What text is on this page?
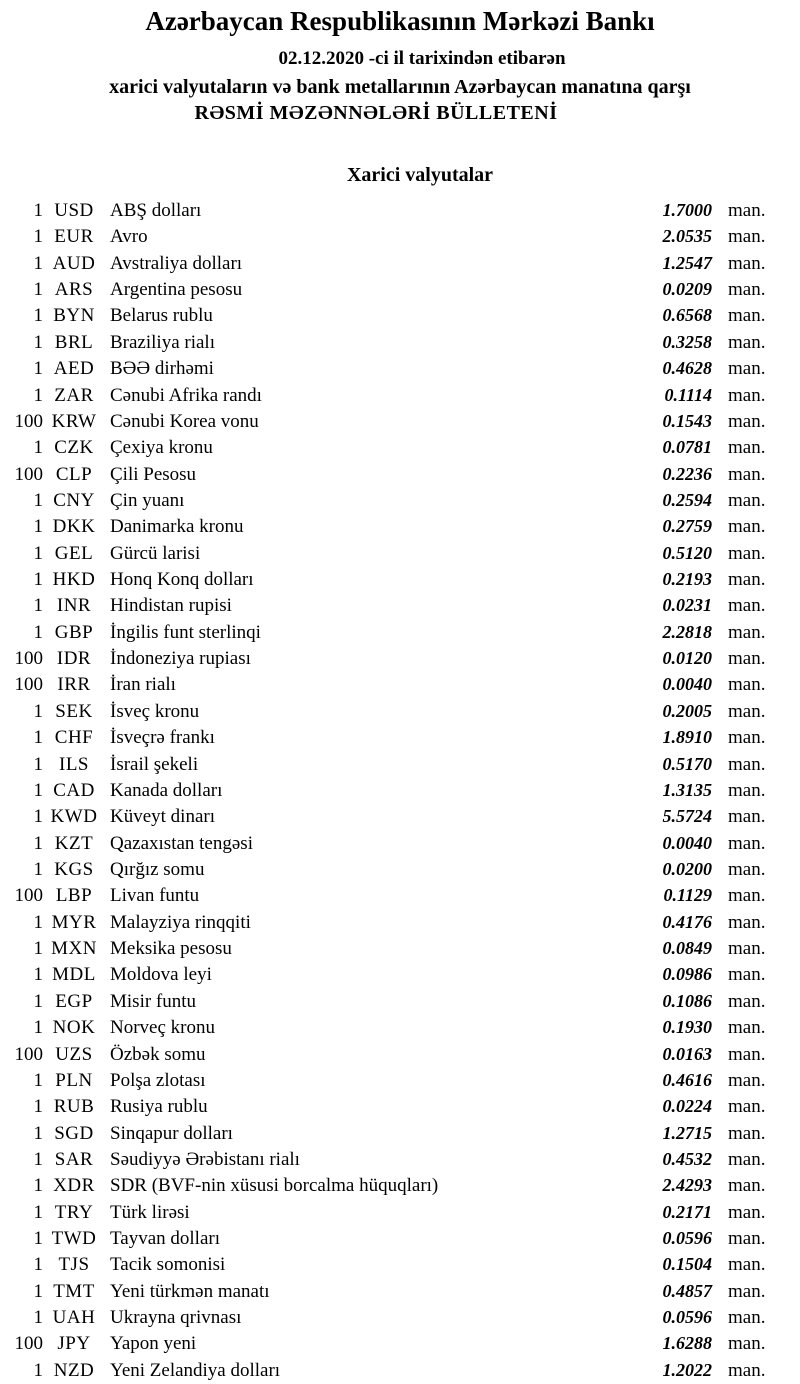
Azərbaycan Respublikasının Mərkəzi Bankı
02.12.2020 -ci il tarixindən etibarən
xarici valyutaların və bank metallarının Azərbaycan manatına qarşı
RƏSMİ MƏZƏNNƏLƏRİ BÜLLETENİ
Xarici valyutalar
1 USD ABŞ dolları	1.7000 man.
1 EUR Avro	2.0535 man.
1 AUD Avstraliya dolları	1.2547 man.
1 ARS Argentina pesosu	0.0209 man.
1 BYN Belarus rublu	0.6568 man.
1 BRL Braziliya rialı	0.3258 man.
1 AED BƏƏ dirhəmi	0.4628 man.
1 ZAR Cənubi Afrika randı	0.1114 man.
100 KRW Cənubi Korea vonu	0.1543 man.
1 CZK Çexiya kronu	0.0781 man.
100 CLP Çili Pesosu	0.2236 man.
1 CNY Çin yuanı	0.2594 man.
1 DKK Danimarka kronu	0.2759 man.
1 GEL Gürcü larisi	0.5120 man.
1 HKD Honq Konq dolları	0.2193 man.
1 INR Hindistan rupisi	0.0231 man.
1 GBP İngilis funt sterlinqi	2.2818 man.
100 IDR İndoneziya rupiası	0.0120 man.
100 IRR	İran rialı	0.0040 man.
1 SEK İsveç kronu	0.2005 man.
1 CHF İsveçrə frankı	1.8910 man.
1 ILS	İsrail şekeli	0.5170 man.
1 CAD Kanada dolları	1.3135 man.
1 KWD Küveyt dinarı	5.5724 man.
1 KZT Qazaxıstan tengəsi	0.0040 man.
1 KGS Qırğız somu	0.0200 man.
100 LBP Livan funtu	0.1129 man.
1 MYR Malayziya rinqqiti	0.4176 man.
1 MXN Meksika pesosu	0.0849 man.
1 MDL Moldova leyi	0.0986 man.
1 EGP Misir funtu	0.1086 man.
1 NOK Norveç kronu	0.1930 man.
100 UZS Özbək somu	0.0163 man.
1 PLN Polşa zlotası	0.4616 man.
1 RUB Rusiya rublu	0.0224 man.
1 SGD Sinqapur dolları	1.2715 man.
1 SAR Səudiyyə Ərəbistanı rialı	0.4532 man.
1 XDR SDR (BVF-nin xüsusi borcalma hüquqları)	2.4293 man.
1 TRY Türk lirəsi	0.2171 man.
1 TWD Tayvan dolları	0.0596 man.
1 TJS	Tacik somonisi	0.1504 man.
1 TMT Yeni türkmən manatı	0.4857 man.
1 UAH Ukrayna qrivnası	0.0596 man.
100 JPY	Yapon yeni	1.6288 man.
1 NZD Yeni Zelandiya dolları	1.2022 man.
